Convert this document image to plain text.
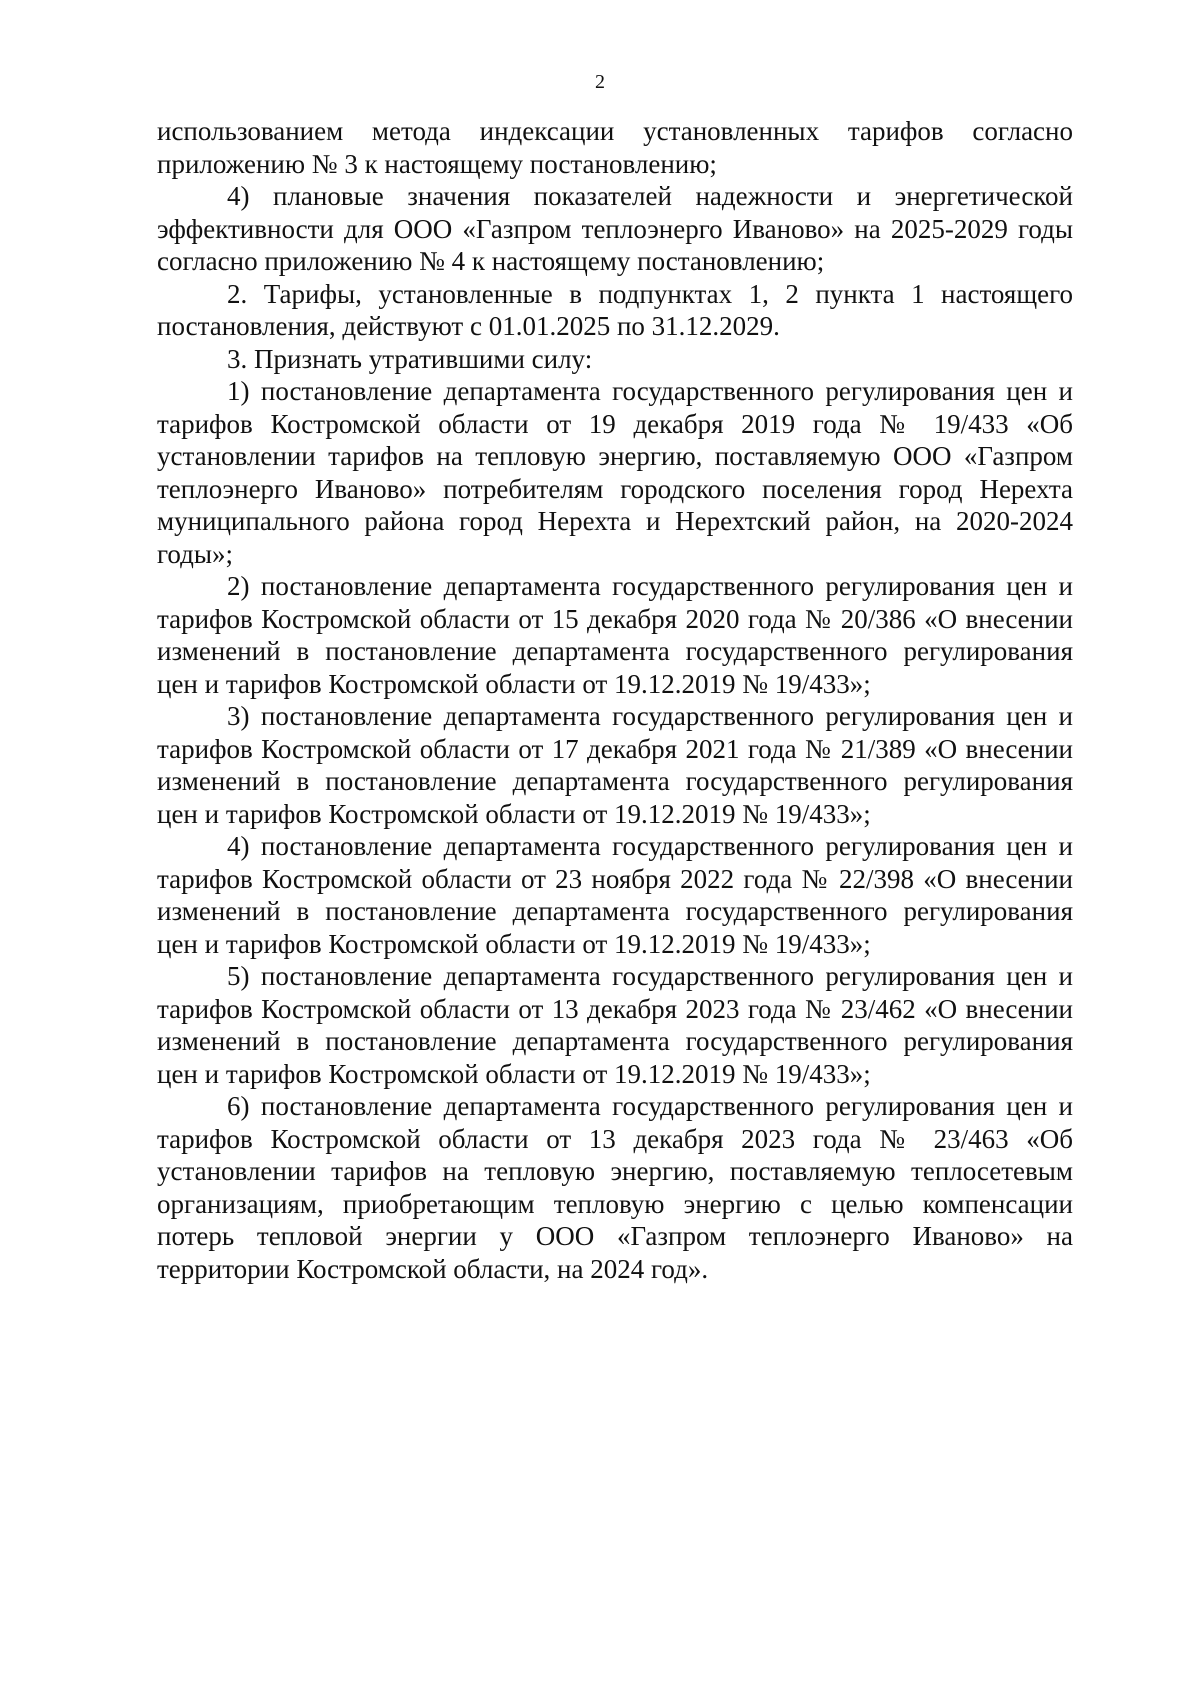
2

использованием метода индексации установленных тарифов согласно приложению № 3 к настоящему постановлению;

4) плановые значения показателей надежности и энергетической эффективности для ООО «Газпром теплоэнерго Иваново» на 2025-2029 годы согласно приложению № 4 к настоящему постановлению;

2. Тарифы, установленные в подпунктах 1, 2 пункта 1 настоящего постановления, действуют с 01.01.2025 по 31.12.2029.

3. Признать утратившими силу:

1) постановление департамента государственного регулирования цен и тарифов Костромской области от 19 декабря 2019 года № 19/433 «Об установлении тарифов на тепловую энергию, поставляемую ООО «Газпром теплоэнерго Иваново» потребителям городского поселения город Нерехта муниципального района город Нерехта и Нерехтский район, на 2020-2024 годы»;

2) постановление департамента государственного регулирования цен и тарифов Костромской области от 15 декабря 2020 года № 20/386 «О внесении изменений в постановление департамента государственного регулирования цен и тарифов Костромской области от 19.12.2019 № 19/433»;

3) постановление департамента государственного регулирования цен и тарифов Костромской области от 17 декабря 2021 года № 21/389 «О внесении изменений в постановление департамента государственного регулирования цен и тарифов Костромской области от 19.12.2019 № 19/433»;

4) постановление департамента государственного регулирования цен и тарифов Костромской области от 23 ноября 2022 года № 22/398 «О внесении изменений в постановление департамента государственного регулирования цен и тарифов Костромской области от 19.12.2019 № 19/433»;

5) постановление департамента государственного регулирования цен и тарифов Костромской области от 13 декабря 2023 года № 23/462 «О внесении изменений в постановление департамента государственного регулирования цен и тарифов Костромской области от 19.12.2019 № 19/433»;

6) постановление департамента государственного регулирования цен и тарифов Костромской области от 13 декабря 2023 года № 23/463 «Об установлении тарифов на тепловую энергию, поставляемую теплосетевым организациям, приобретающим тепловую энергию с целью компенсации потерь тепловой энергии у ООО «Газпром теплоэнерго Иваново» на территории Костромской области, на 2024 год».
